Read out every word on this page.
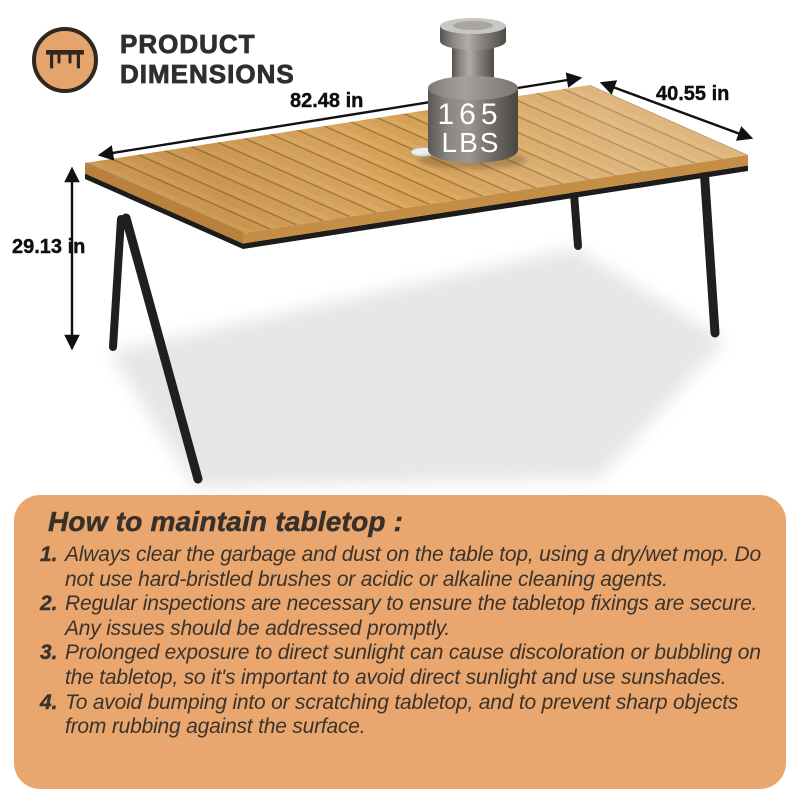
PRODUCT
DIMENSIONS
165
LBS
82.48 in	40.55 in
29.13 in
How to maintain tabletop :
1. Always clear the garbage and dust on the table top, using a dry/wet mop. Do not use hard-bristled brushes or acidic or alkaline cleaning agents.
2. Regular inspections are necessary to ensure the tabletop fixings are secure. Any issues should be addressed promptly.
3. Prolonged exposure to direct sunlight can cause discoloration or bubbling on the tabletop, so it's important to avoid direct sunlight and use sunshades.
4. To avoid bumping into or scratching tabletop, and to prevent sharp objects from rubbing against the surface.
